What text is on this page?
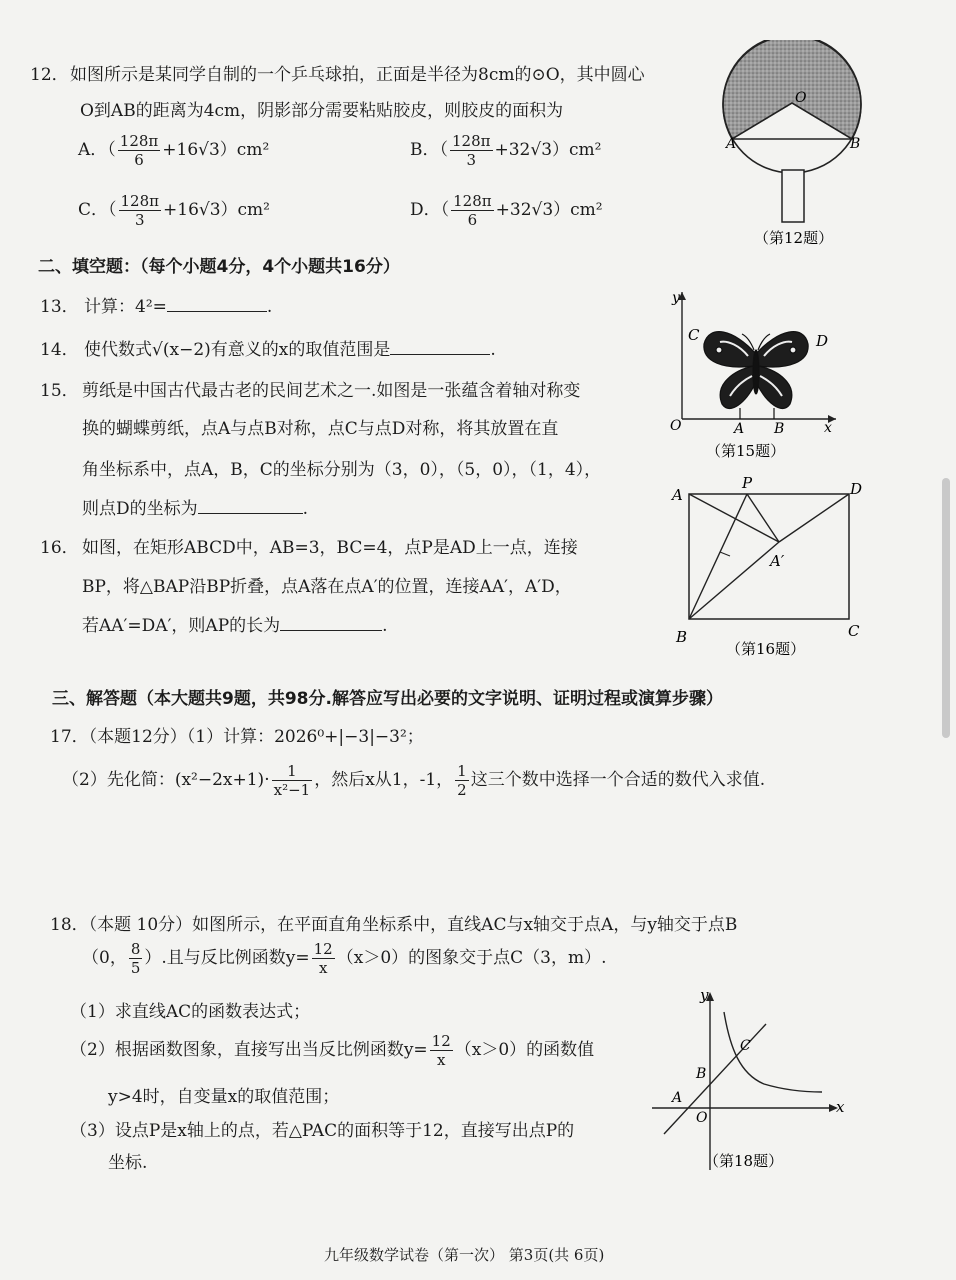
12． 如图所示是某同学自制的一个乒乓球拍，正面是半径为8cm的⊙O，其中圆心
O到AB的距离为4cm，阴影部分需要粘贴胶皮，则胶皮的面积为
A．（ $\frac{128\pi}{6} +16√3)cm^2$	B．（ $\frac{128\pi}{3} +32√3)cm^2$
C．（ $\frac{128\pi}{3} +16√3)cm^2$	D．（ $\frac{128\pi}{6} +32√3)cm^2$
O
A	B
（第12题）
二、填空题：（每个小题4分，4个小题共16分）
13． 计算：4²=	.
14． 使代数式√(x−2)有意义的x的取值范围是	.
15． 剪纸是中国古代最古老的民间艺术之一.如图是一张蕴含着轴对称变
换的蝴蝶剪纸，点A与点B对称，点C与点D对称，将其放置在直
角坐标系中，点A，B，C的坐标分别为（3，0），（5，0），（1，4），
则点D的坐标为	.
y
x
O
C	D
A B
（第15题）
16． 如图，在矩形ABCD中，AB=3，BC=4，点P是AD上一点，连接
BP，将△BAP沿BP折叠，点A落在点A′的位置，连接AA′，A′D，
若AA′=DA′，则AP的长为	.
A
P	D
A′
B	C
（第16题）
三、解答题（本大题共9题，共98分.解答应写出必要的文字说明、证明过程或演算步骤）
17．（本题12分）（1）计算：2026⁰+|−3|−3²；
（2）先化简：$(x^2-2x+1)\cdot \frac{1}{\text{x²−1}}$ ，然后x从1，-1， $\frac{1}{2}$ 这三个数中选择一个合适的数代入求值.
18．（本题 10分）如图所示，在平面直角坐标系中，直线AC与x轴交于点A，与y轴交于点B
（0， $\frac{8}{5}$ ）.且与反比例函数$y= \frac{12}{x} (x>0)$的图象交于点C（3，m）.
（1）求直线AC的函数表达式；
（2）根据函数图象，直接写出当反比例函数$y= \frac{12}{x} (x>0)$的函数值
y>4时，自变量x的取值范围；
（3）设点P是x轴上的点，若△PAC的面积等于12，直接写出点P的
坐标.
y
x
O
A
B
C
（第18题）
九年级数学试卷（第一次） 第3页(共 6页)
